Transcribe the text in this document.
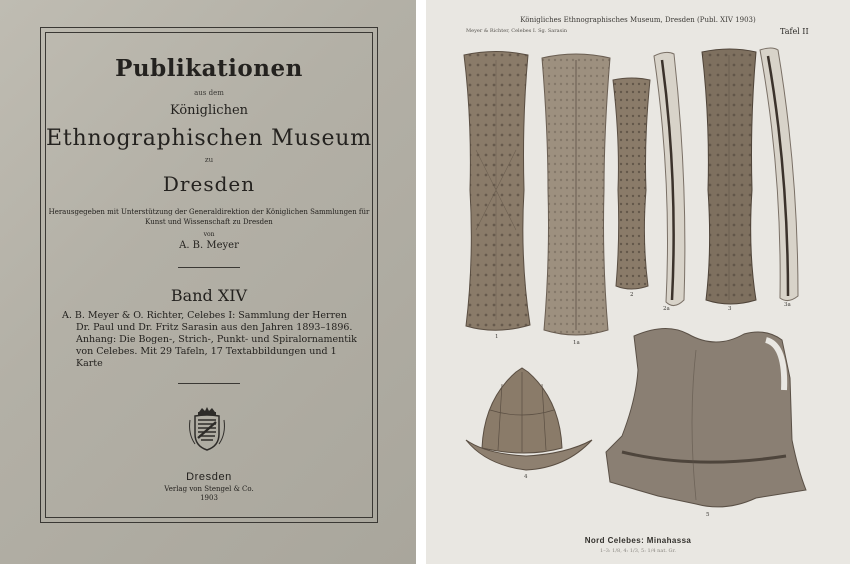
Publikationen
aus dem
Königlichen
Ethnographischen Museum
zu
Dresden
Herausgegeben mit Unterstützung der Generaldirektion der Königlichen Sammlungen für
Kunst und Wissenschaft zu Dresden
von
A. B. Meyer
Band XIV
A. B. Meyer & O. Richter, Celebes I: Sammlung der Herren
Dr. Paul und Dr. Fritz Sarasin aus den Jahren 1893–1896.
Anhang: Die Bogen-, Strich-, Punkt- und Spiralornamentik
von Celebes. Mit 29 Tafeln, 17 Textabbildungen und 1 Karte
Dresden
Verlag von Stengel & Co.
1903
Königliches Ethnographisches Museum, Dresden (Publ. XIV 1903)
Meyer & Richter, Celebes I. Sg. Sarasin	Tafel II
1
1a
2
2a	3
3a
4
5
Nord Celebes: Minahassa
1–3: 1/8, 4: 1/3, 5: 1/4 nat. Gr.
